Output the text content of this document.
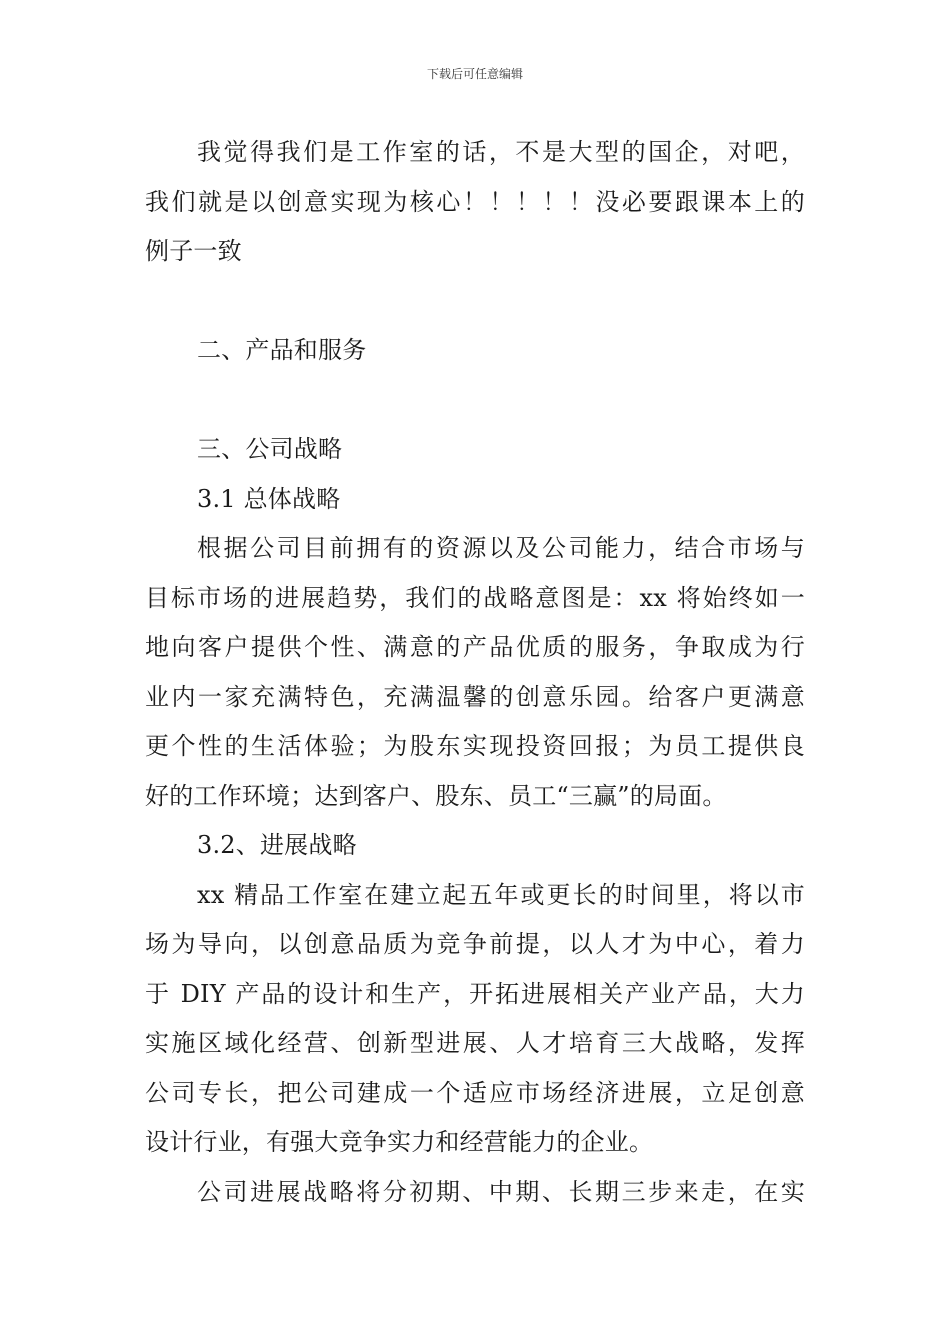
下载后可任意编辑
我觉得我们是工作室的话，不是大型的国企，对吧，
我们就是以创意实现为核心！！！！！没必要跟课本上的
例子一致
二、产品和服务
三、公司战略
3.1 总体战略
根据公司目前拥有的资源以及公司能力，结合市场与
目标市场的进展趋势，我们的战略意图是：xx 将始终如一
地向客户提供个性、满意的产品优质的服务，争取成为行
业内一家充满特色，充满温馨的创意乐园。给客户更满意
更个性的生活体验；为股东实现投资回报；为员工提供良
好的工作环境；达到客户、股东、员工“三赢”的局面。
3.2、进展战略
xx 精品工作室在建立起五年或更长的时间里，将以市
场为导向，以创意品质为竞争前提，以人才为中心，着力
于 DIY 产品的设计和生产，开拓进展相关产业产品，大力
实施区域化经营、创新型进展、人才培育三大战略，发挥
公司专长，把公司建成一个适应市场经济进展，立足创意
设计行业，有强大竞争实力和经营能力的企业。
公司进展战略将分初期、中期、长期三步来走，在实
